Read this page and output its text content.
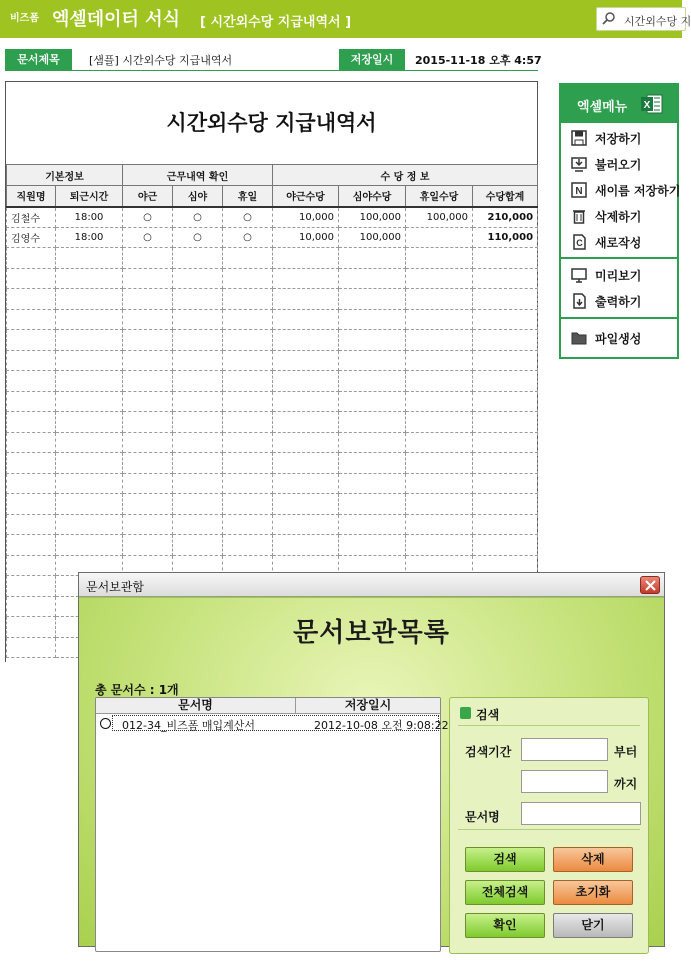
비즈폼 엑셀데이터 서식 [ 시간외수당 지급내역서 ]	시간외수당 지
문서제목	[샘플] 시간외수당 지급내역서	저장일시	2015-11-18 오후 4:57
시간외수당 지급내역서
기본정보		근무내역 확인			수 당 정 보			
직원명	퇴근시간	야근	심야	휴일	야근수당	심야수당	휴일수당	수당합계
김철수	18:00	○	○	○	10,000	100,000	100,000	210,000
김영수	18:00	○	○	○	10,000	100,000		110,000

엑셀메뉴 X
저장하기
불러오기
N 새이름 저장하기
삭제하기
C 새로작성
미리보기
출력하기
파일생성
문서보관함
문서보관목록
총 문서수 : 1개
문서명	저장일시
012-34_비즈폼 매입계산서	2012-10-08 오전 9:08:22
검색
검색기간	부터
까지
문서명
검색	삭제
전체검색	초기화
확인	닫기
